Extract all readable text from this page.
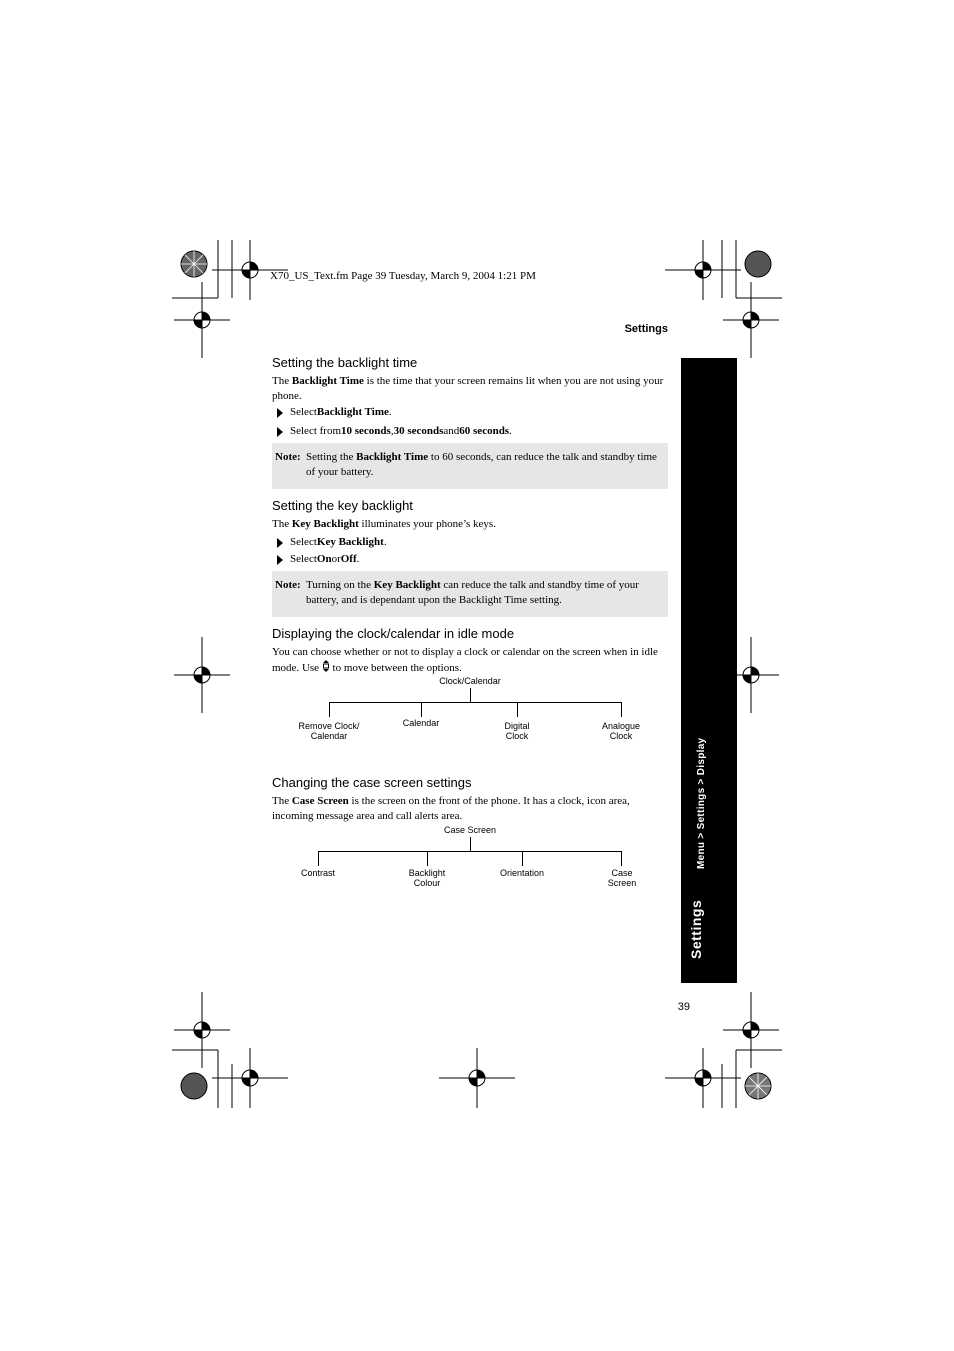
X70_US_Text.fm Page 39 Tuesday, March 9, 2004 1:21 PM
Settings
Menu > Settings > Display
Settings
Setting the backlight time
The Backlight Time is the time that your screen remains lit when you are not using your phone.
Select Backlight Time .
Select from 10 seconds , 30 seconds and 60 seconds .
Note: Setting the Backlight Time to 60 seconds, can reduce the talk and standby time of your battery.
Setting the key backlight
The Key Backlight illuminates your phone’s keys.
Select Key Backlight .
Select On or Off .
Note: Turning on the Key Backlight can reduce the talk and standby time of your battery, and is dependant upon the Backlight Time setting.
Displaying the clock/calendar in idle mode
You can choose whether or not to display a clock or calendar on the screen when in idle mode. Use
to move between the options.
Clock/Calendar
Remove Clock/
Calendar
Calendar	Digital
Clock
Analogue
Clock
Changing the case screen settings
The Case Screen is the screen on the front of the phone. It has a clock, icon area, incoming message area and call alerts area.
Case Screen
Contrast	Backlight
Colour
Orientation	Case
Screen
39
